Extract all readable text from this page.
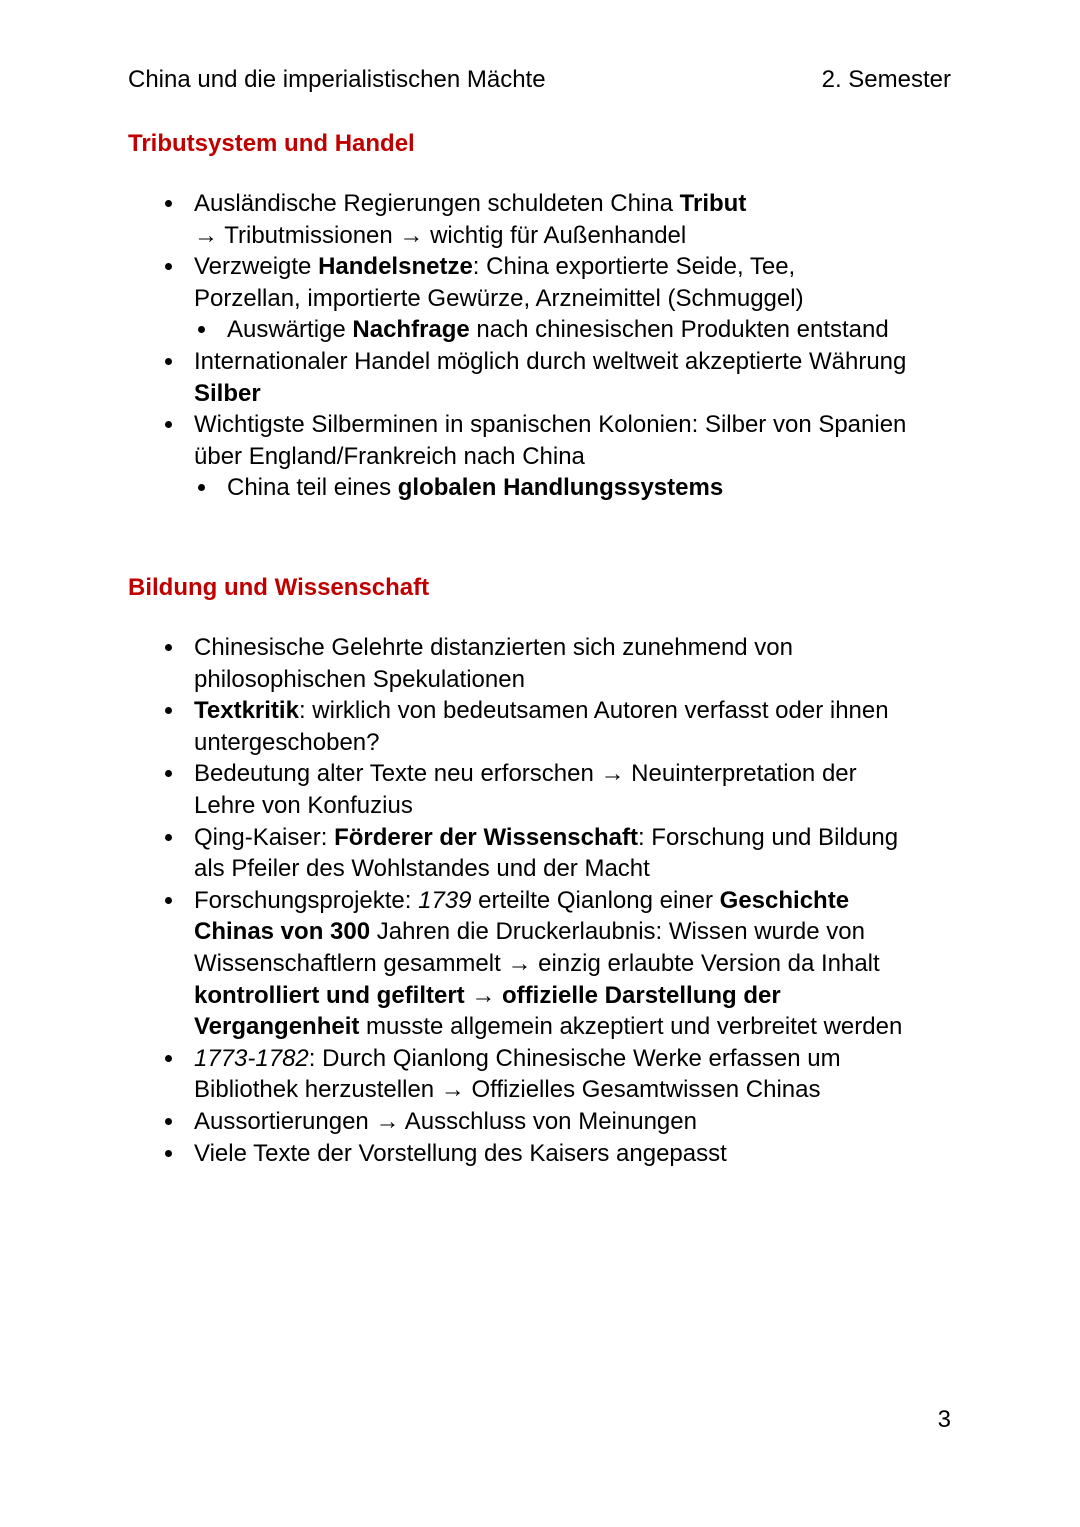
China und die imperialistischen Mächte	2. Semester
Tributsystem und Handel
Ausländische Regierungen schuldeten China Tribut
→ Tributmissionen → wichtig für Außenhandel
Verzweigte Handelsnetze: China exportierte Seide, Tee,
Porzellan, importierte Gewürze, Arzneimittel (Schmuggel)
Auswärtige Nachfrage nach chinesischen Produkten entstand
Internationaler Handel möglich durch weltweit akzeptierte Währung
Silber
Wichtigste Silberminen in spanischen Kolonien: Silber von Spanien
über England/Frankreich nach China
China teil eines globalen Handlungssystems
Bildung und Wissenschaft
Chinesische Gelehrte distanzierten sich zunehmend von
philosophischen Spekulationen
Textkritik: wirklich von bedeutsamen Autoren verfasst oder ihnen
untergeschoben?
Bedeutung alter Texte neu erforschen → Neuinterpretation der
Lehre von Konfuzius
Qing-Kaiser: Förderer der Wissenschaft: Forschung und Bildung
als Pfeiler des Wohlstandes und der Macht
Forschungsprojekte: 1739 erteilte Qianlong einer Geschichte
Chinas von 300 Jahren die Druckerlaubnis: Wissen wurde von
Wissenschaftlern gesammelt → einzig erlaubte Version da Inhalt
kontrolliert und gefiltert → offizielle Darstellung der
Vergangenheit musste allgemein akzeptiert und verbreitet werden
1773-1782: Durch Qianlong Chinesische Werke erfassen um
Bibliothek herzustellen → Offizielles Gesamtwissen Chinas
Aussortierungen → Ausschluss von Meinungen
Viele Texte der Vorstellung des Kaisers angepasst
3
